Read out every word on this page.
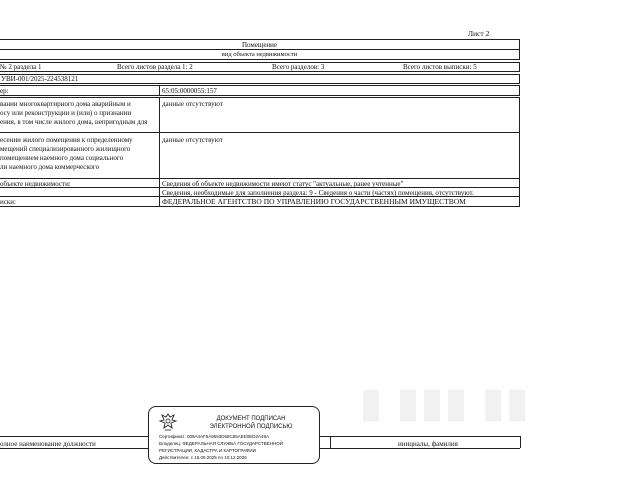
▮ ▮▮▮ ▮▮
Лист 2
Помещение
вид объекта недвижимости
№ 2 раздела 1	Всего листов раздела 1: 2	Всего разделов: 3	Всего листов выписки: 5
УВИ-001/2025-224538121
ер:	65:05:0000055:157
вании многоквартирного дома аварийным и
осу или реконструкции и (или) о признании
ения, в том числе жилого дома, непригодным для
данные отсутствуют
есении жилого помещения к определенному
мещений специализированного жилищного
помещением наемного дома социального
ли наемного дома коммерческого
данные отсутствуют
объекте недвижимости:	Сведения об объекте недвижимости имеют статус "актуальные, ранее учтенные"
Сведения, необходимые для заполнения раздела: 9 - Сведения о части (частях) помещения, отсутствуют.
иски:	ФЕДЕРАЛЬНОЕ АГЕНТСТВО ПО УПРАВЛЕНИЮ ГОСУДАРСТВЕННЫМ ИМУЩЕСТВОМ
олное наименование должности	инициалы, фамилия
ДОКУМЕНТ ПОДПИСАН
ЭЛЕКТРОННОЙ ПОДПИСЬЮ
Сертификат: 009A4AF5A9593D58C55AEE0ED2A49A
Владелец: ФЕДЕРАЛЬНАЯ СЛУЖБА ГОСУДАРСТВЕННОЙ
РЕГИСТРАЦИИ, КАДАСТРА И КАРТОГРАФИИ
Действителен: с 16.09.2025 по 10.12.2026
